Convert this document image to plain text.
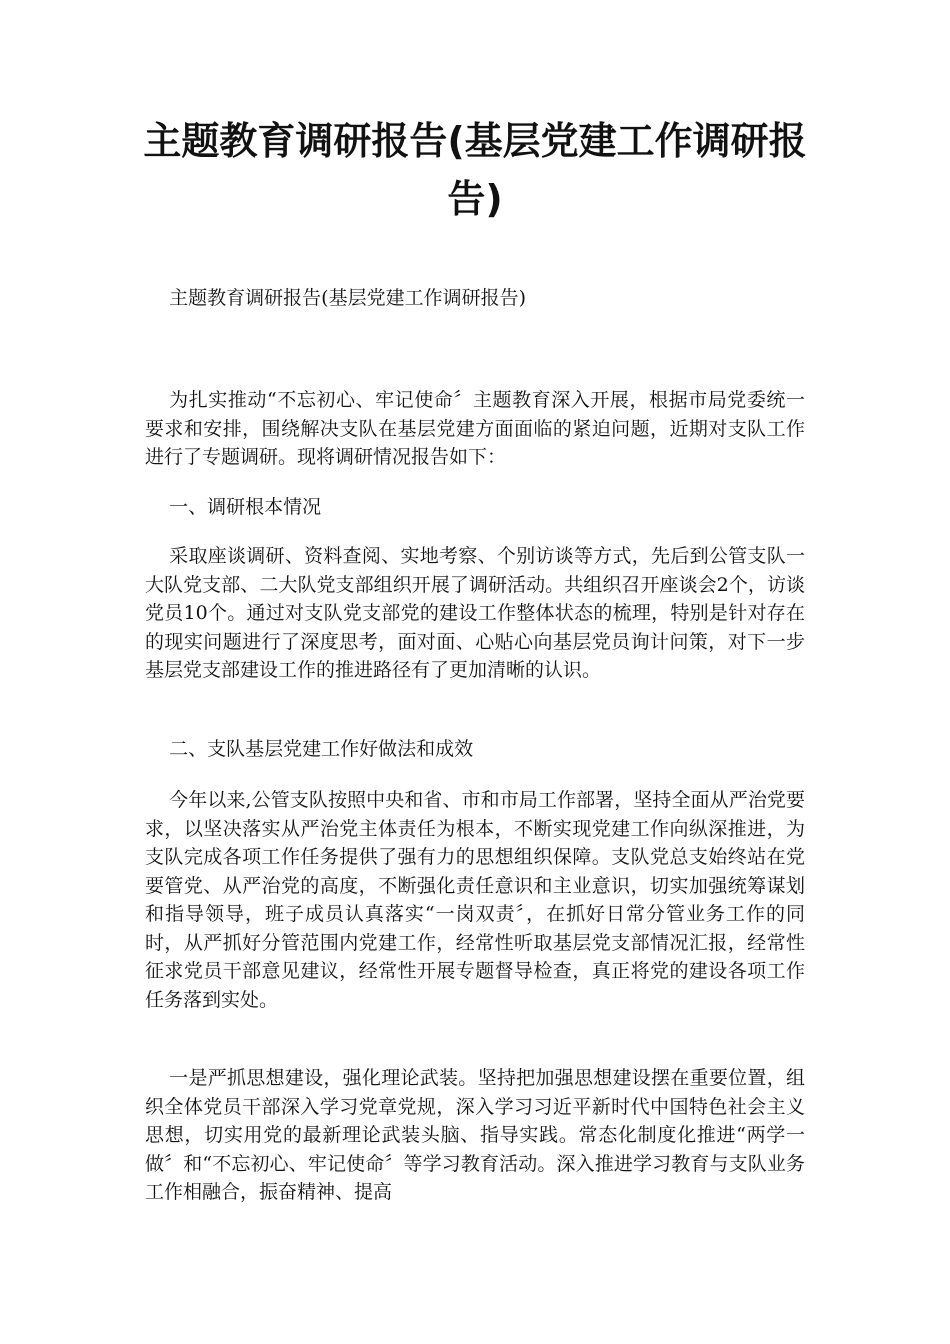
主题教育调研报告(基层党建工作调研报告)

主题教育调研报告(基层党建工作调研报告)

为扎实推动“不忘初心、牢记使命〞主题教育深入开展，根据市局党委统一要求和安排，围绕解决支队在基层党建方面面临的紧迫问题，近期对支队工作进行了专题调研。现将调研情况报告如下：

一、调研根本情况

采取座谈调研、资料查阅、实地考察、个别访谈等方式，先后到公管支队一大队党支部、二大队党支部组织开展了调研活动。共组织召开座谈会2个，访谈党员10个。通过对支队党支部党的建设工作整体状态的梳理，特别是针对存在的现实问题进行了深度思考，面对面、心贴心向基层党员询计问策，对下一步基层党支部建设工作的推进路径有了更加清晰的认识。

二、支队基层党建工作好做法和成效

今年以来,公管支队按照中央和省、市和市局工作部署，坚持全面从严治党要求，以坚决落实从严治党主体责任为根本，不断实现党建工作向纵深推进，为支队完成各项工作任务提供了强有力的思想组织保障。支队党总支始终站在党要管党、从严治党的高度，不断强化责任意识和主业意识，切实加强统筹谋划和指导领导，班子成员认真落实“一岗双责〞，在抓好日常分管业务工作的同时，从严抓好分管范围内党建工作，经常性听取基层党支部情况汇报，经常性征求党员干部意见建议，经常性开展专题督导检查，真正将党的建设各项工作任务落到实处。

一是严抓思想建设，强化理论武装。坚持把加强思想建设摆在重要位置，组织全体党员干部深入学习党章党规，深入学习习近平新时代中国特色社会主义思想，切实用党的最新理论武装头脑、指导实践。常态化制度化推进“两学一做〞和“不忘初心、牢记使命〞等学习教育活动。深入推进学习教育与支队业务工作相融合，振奋精神、提高
